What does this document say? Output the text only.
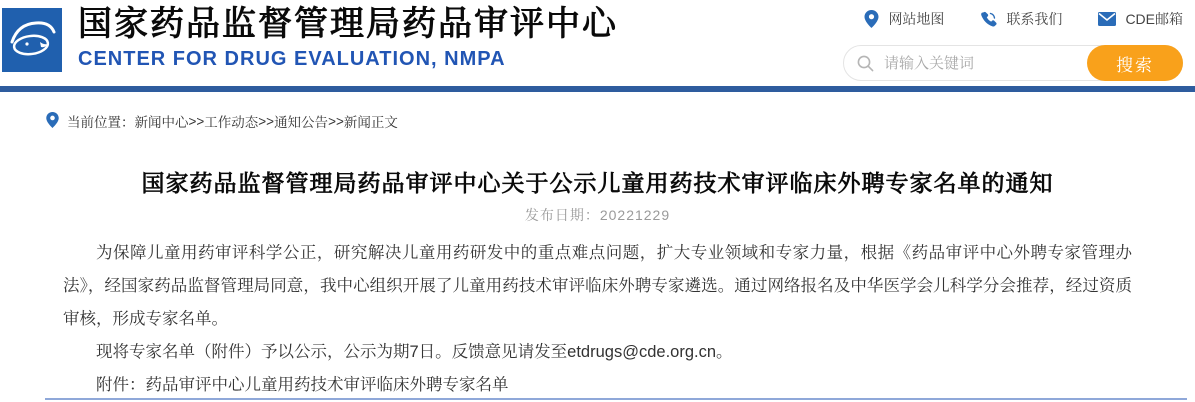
国家药品监督管理局药品审评中心
CENTER FOR DRUG EVALUATION, NMPA
网站地图	联系我们	CDE邮箱
请输入关键词
搜索
当前位置： 新闻中心 >> 工作动态 >> 通知公告 >> 新闻正文
国家药品监督管理局药品审评中心关于公示儿童用药技术审评临床外聘专家名单的通知
发布日期：20221229

为保障儿童用药审评科学公正，研究解决儿童用药研发中的重点难点问题，扩大专业领域和专家力量，根据《药品审评中心外聘专家管理办法》，经国家药品监督管理局同意，我中心组织开展了儿童用药技术审评临床外聘专家遴选。通过网络报名及中华医学会儿科学分会推荐，经过资质审核，形成专家名单。

现将专家名单（附件）予以公示，公示为期7日。反馈意见请发至etdrugs@cde.org.cn。

附件：药品审评中心儿童用药技术审评临床外聘专家名单
